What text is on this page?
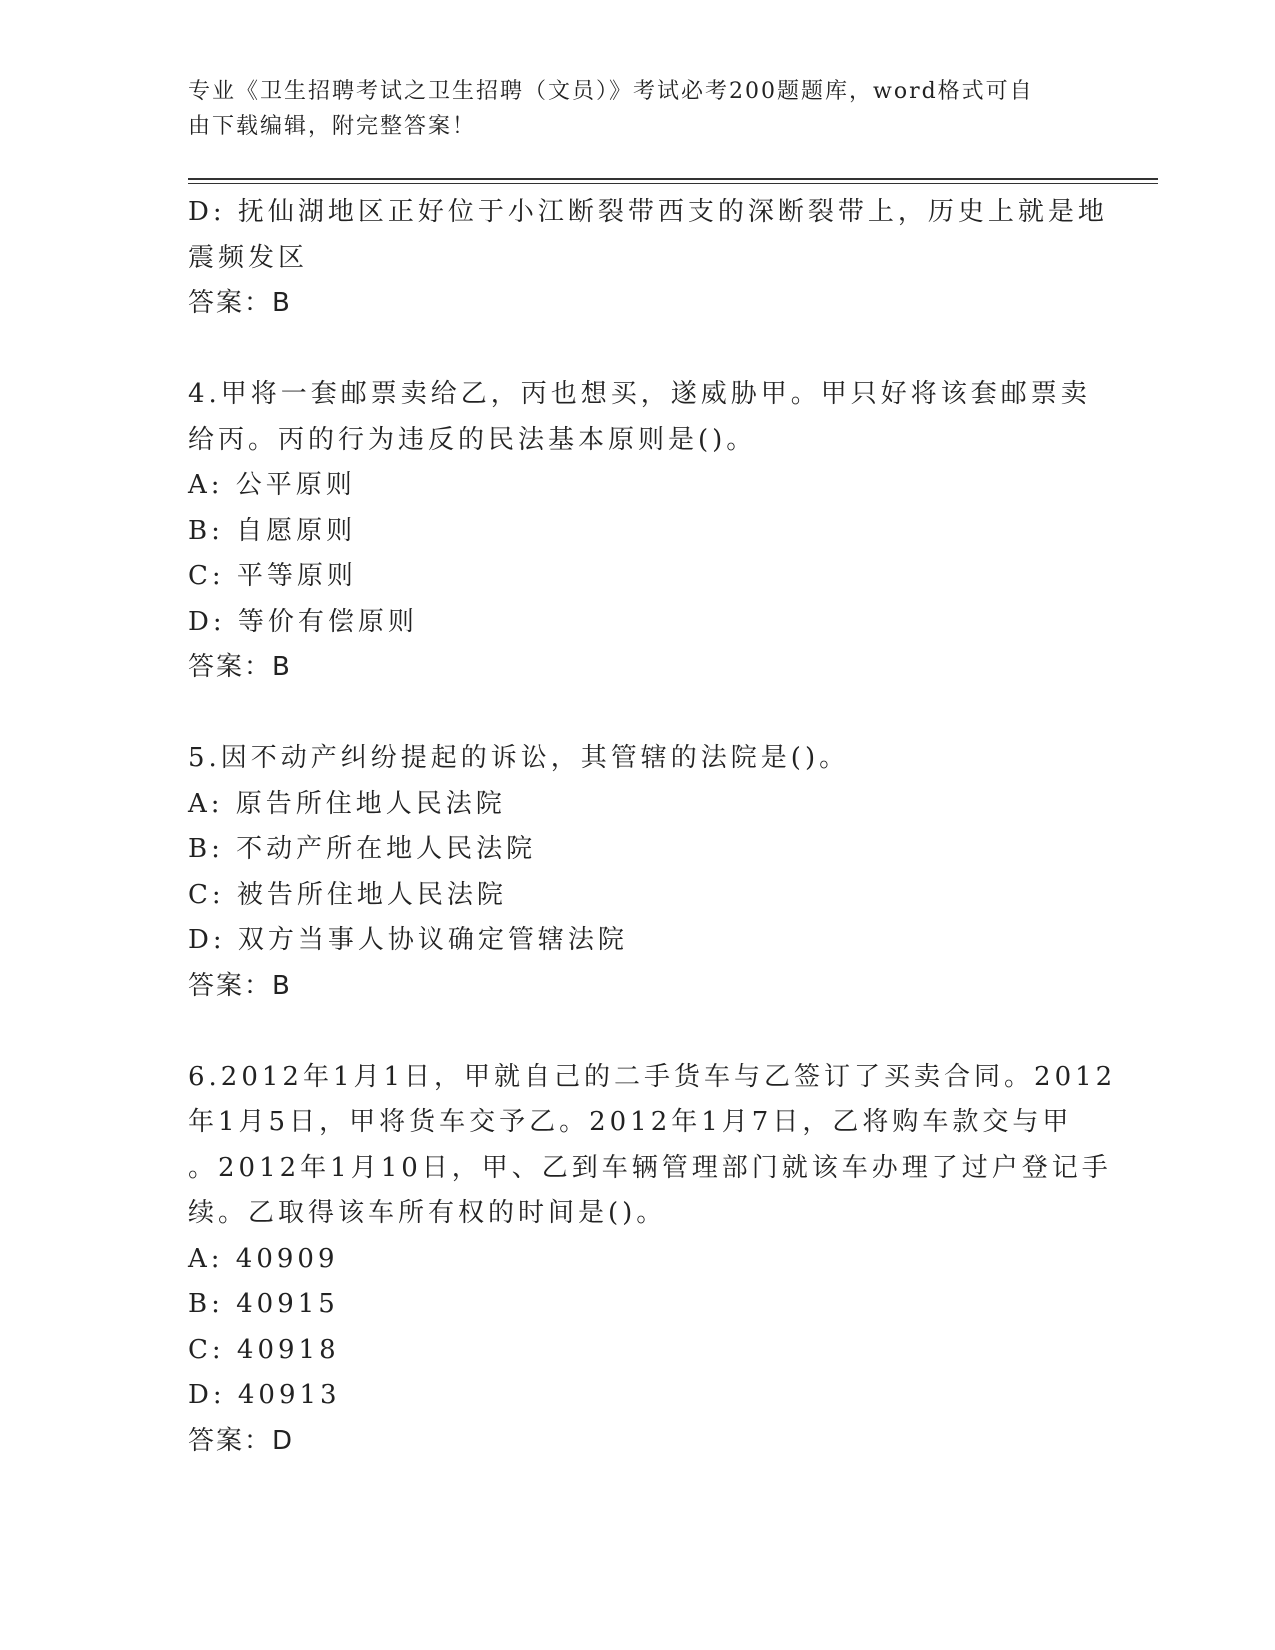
专业《卫生招聘考试之卫生招聘（文员）》考试必考200题题库，word格式可自
由下载编辑，附完整答案！
D: 抚仙湖地区正好位于小江断裂带西支的深断裂带上，历史上就是地
震频发区
答案：B
4.甲将一套邮票卖给乙，丙也想买，遂威胁甲。甲只好将该套邮票卖
给丙。丙的行为违反的民法基本原则是()。
A: 公平原则
B: 自愿原则
C: 平等原则
D: 等价有偿原则
答案：B
5.因不动产纠纷提起的诉讼，其管辖的法院是()。
A: 原告所住地人民法院
B: 不动产所在地人民法院
C: 被告所住地人民法院
D: 双方当事人协议确定管辖法院
答案：B
6.2012年1月1日，甲就自己的二手货车与乙签订了买卖合同。2012
年1月5日，甲将货车交予乙。2012年1月7日，乙将购车款交与甲
。2012年1月10日，甲、乙到车辆管理部门就该车办理了过户登记手
续。乙取得该车所有权的时间是()。
A: 40909
B: 40915
C: 40918
D: 40913
答案：D
